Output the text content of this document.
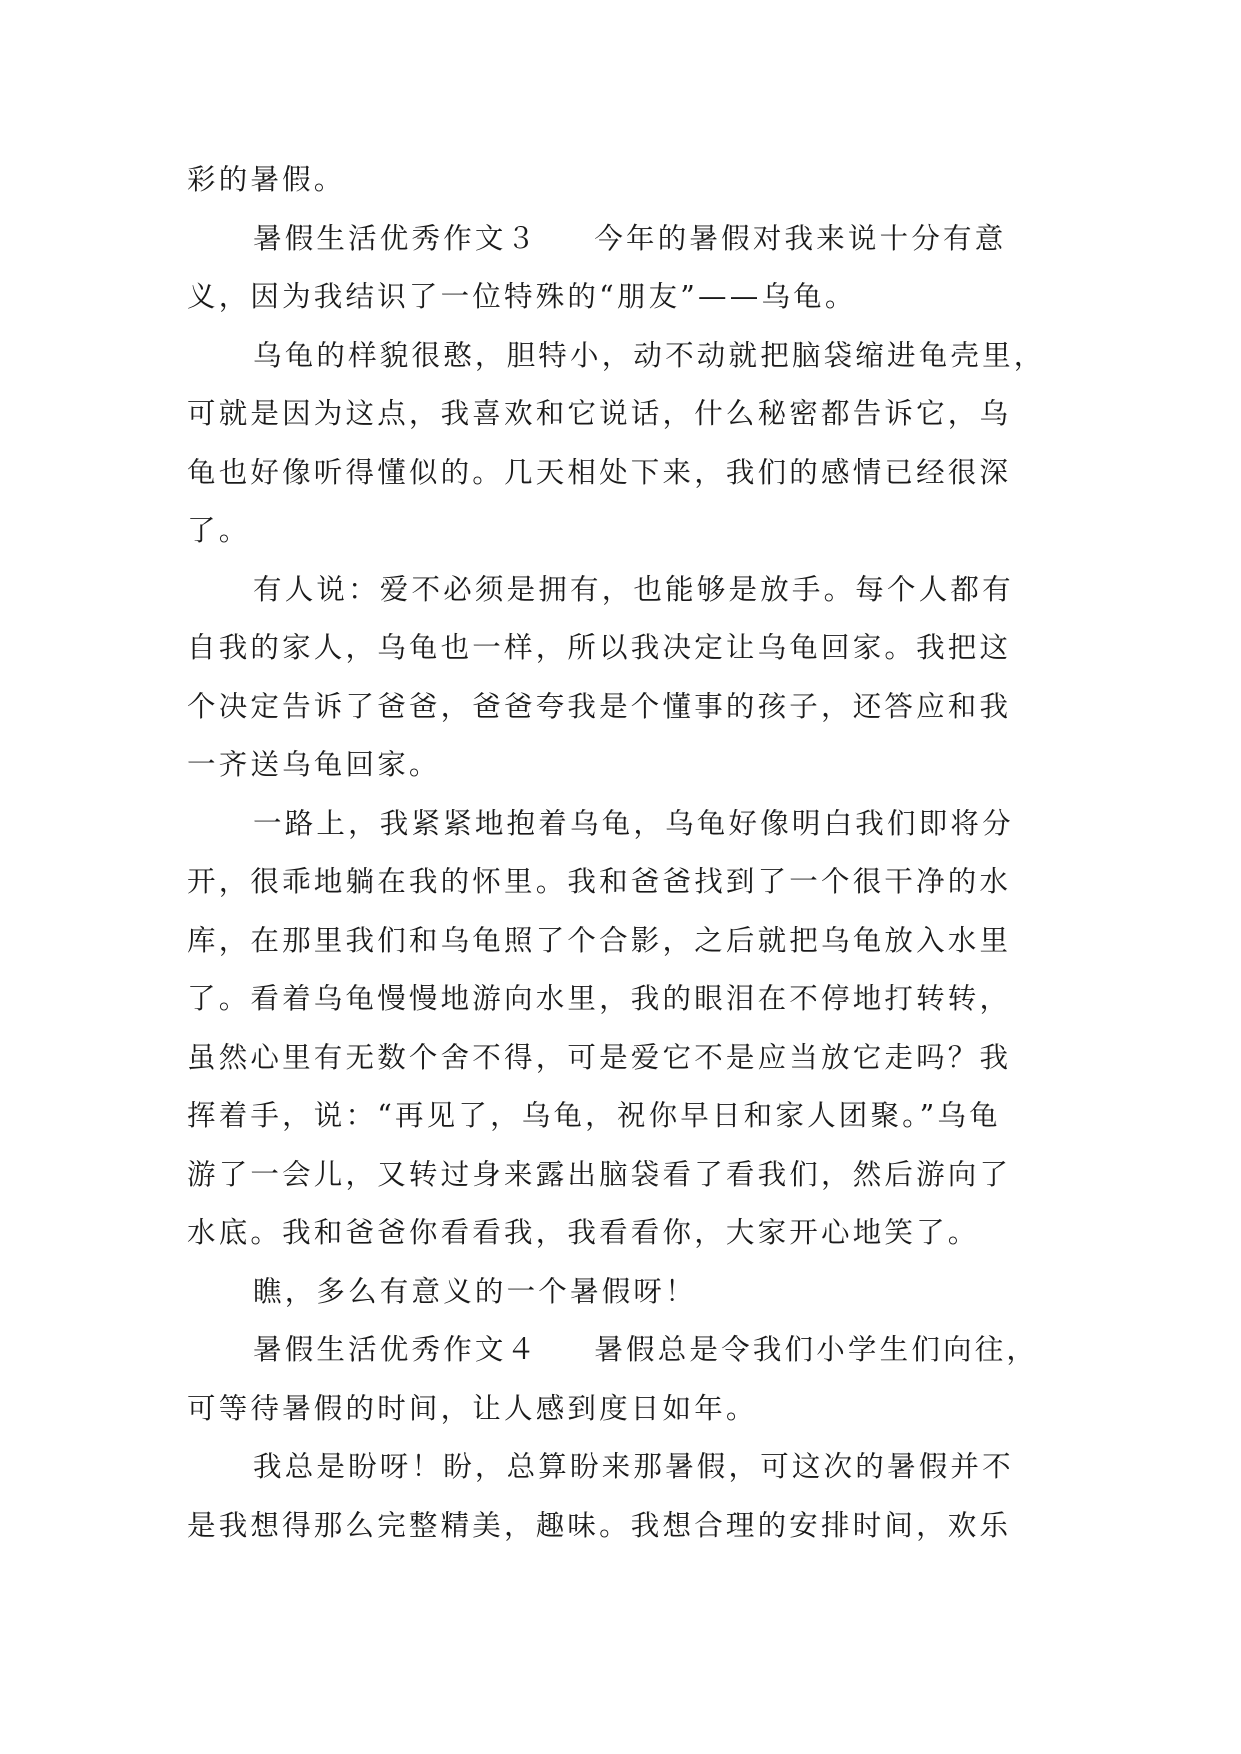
彩的暑假。
暑假生活优秀作文３ 今年的暑假对我来说十分有意
义，因为我结识了一位特殊的“朋友”——乌龟。
乌龟的样貌很憨，胆特小，动不动就把脑袋缩进龟壳里，
可就是因为这点，我喜欢和它说话，什么秘密都告诉它，乌
龟也好像听得懂似的。几天相处下来，我们的感情已经很深
了。
有人说：爱不必须是拥有，也能够是放手。每个人都有
自我的家人，乌龟也一样，所以我决定让乌龟回家。我把这
个决定告诉了爸爸，爸爸夸我是个懂事的孩子，还答应和我
一齐送乌龟回家。
一路上，我紧紧地抱着乌龟，乌龟好像明白我们即将分
开，很乖地躺在我的怀里。我和爸爸找到了一个很干净的水
库，在那里我们和乌龟照了个合影，之后就把乌龟放入水里
了。看着乌龟慢慢地游向水里，我的眼泪在不停地打转转，
虽然心里有无数个舍不得，可是爱它不是应当放它走吗？我
挥着手，说：“再见了，乌龟，祝你早日和家人团聚。”乌龟
游了一会儿，又转过身来露出脑袋看了看我们，然后游向了
水底。我和爸爸你看看我，我看看你，大家开心地笑了。
瞧，多么有意义的一个暑假呀！
暑假生活优秀作文４ 暑假总是令我们小学生们向往，
可等待暑假的时间，让人感到度日如年。
我总是盼呀！盼，总算盼来那暑假，可这次的暑假并不
是我想得那么完整精美，趣味。我想合理的安排时间，欢乐
